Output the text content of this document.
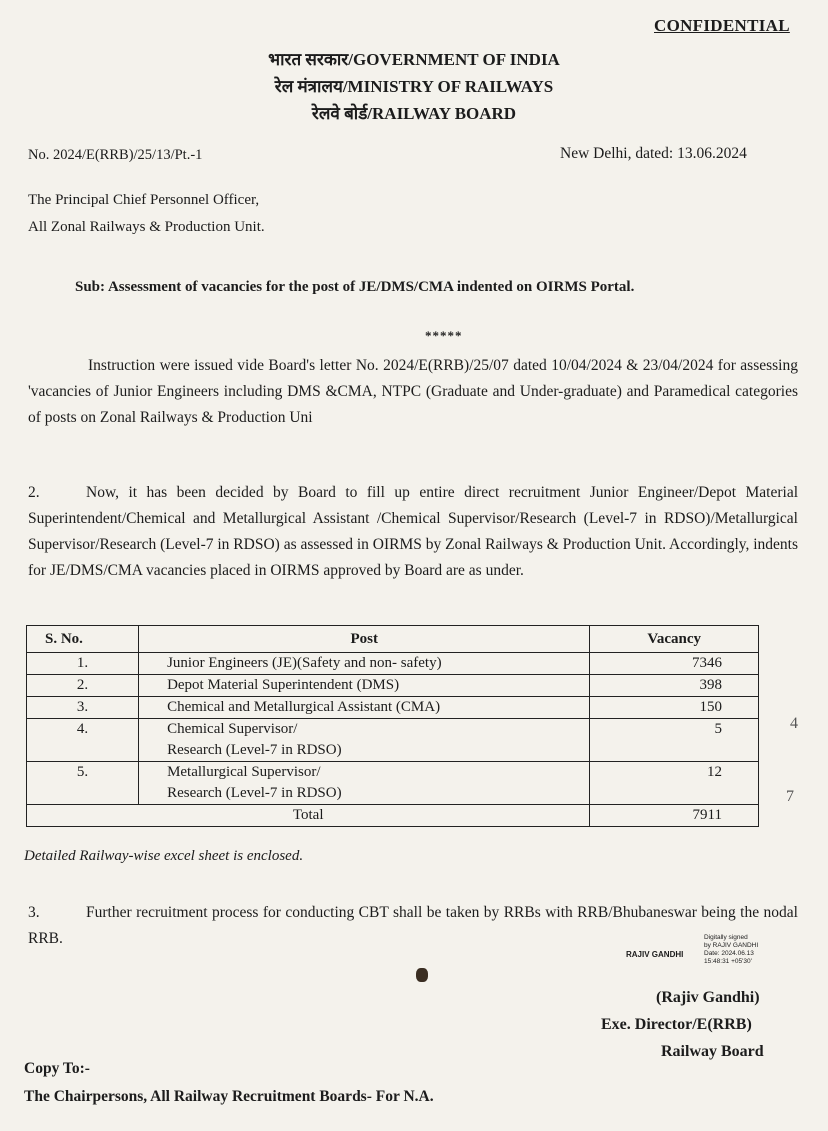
CONFIDENTIAL
भारत सरकार/GOVERNMENT OF INDIA
रेल मंत्रालय/MINISTRY OF RAILWAYS
रेलवे बोर्ड/RAILWAY BOARD
No. 2024/E(RRB)/25/13/Pt.-1	New Delhi, dated: 13.06.2024
The Principal Chief Personnel Officer,
All Zonal Railways & Production Unit.
Sub: Assessment of vacancies for the post of JE/DMS/CMA indented on OIRMS Portal.
*****
Instruction were issued vide Board's letter No. 2024/E(RRB)/25/07 dated 10/04/2024 & 23/04/2024 for assessing 'vacancies of Junior Engineers including DMS &CMA, NTPC (Graduate and Under-graduate) and Paramedical categories of posts on Zonal Railways & Production Uni
2.	Now, it has been decided by Board to fill up entire direct recruitment Junior Engineer/Depot Material Superintendent/Chemical and Metallurgical Assistant /Chemical Supervisor/Research (Level-7 in RDSO)/Metallurgical Supervisor/Research (Level-7 in RDSO) as assessed in OIRMS by Zonal Railways & Production Unit. Accordingly, indents for JE/DMS/CMA vacancies placed in OIRMS approved by Board are as under.
S. No.	Post	Vacancy
1.	Junior Engineers (JE)(Safety and non- safety)	7346
2.	Depot Material Superintendent (DMS)	398
3.	Chemical and Metallurgical Assistant (CMA)	150
4.	Chemical Supervisor/
Research (Level-7 in RDSO)	5
5.	Metallurgical Supervisor/
Research (Level-7 in RDSO)	12
Total		7911
Detailed Railway-wise excel sheet is enclosed.
3.	Further recruitment process for conducting CBT shall be taken by RRBs with RRB/Bhubaneswar being the nodal RRB.
RAJIV GANDHI
Digitally signed
by RAJIV GANDHI
Date: 2024.06.13
15:48:31 +05'30'
(Rajiv Gandhi)
Exe. Director/E(RRB)
Railway Board
Copy To:-
The Chairpersons, All Railway Recruitment Boards- For N.A.
4
7
